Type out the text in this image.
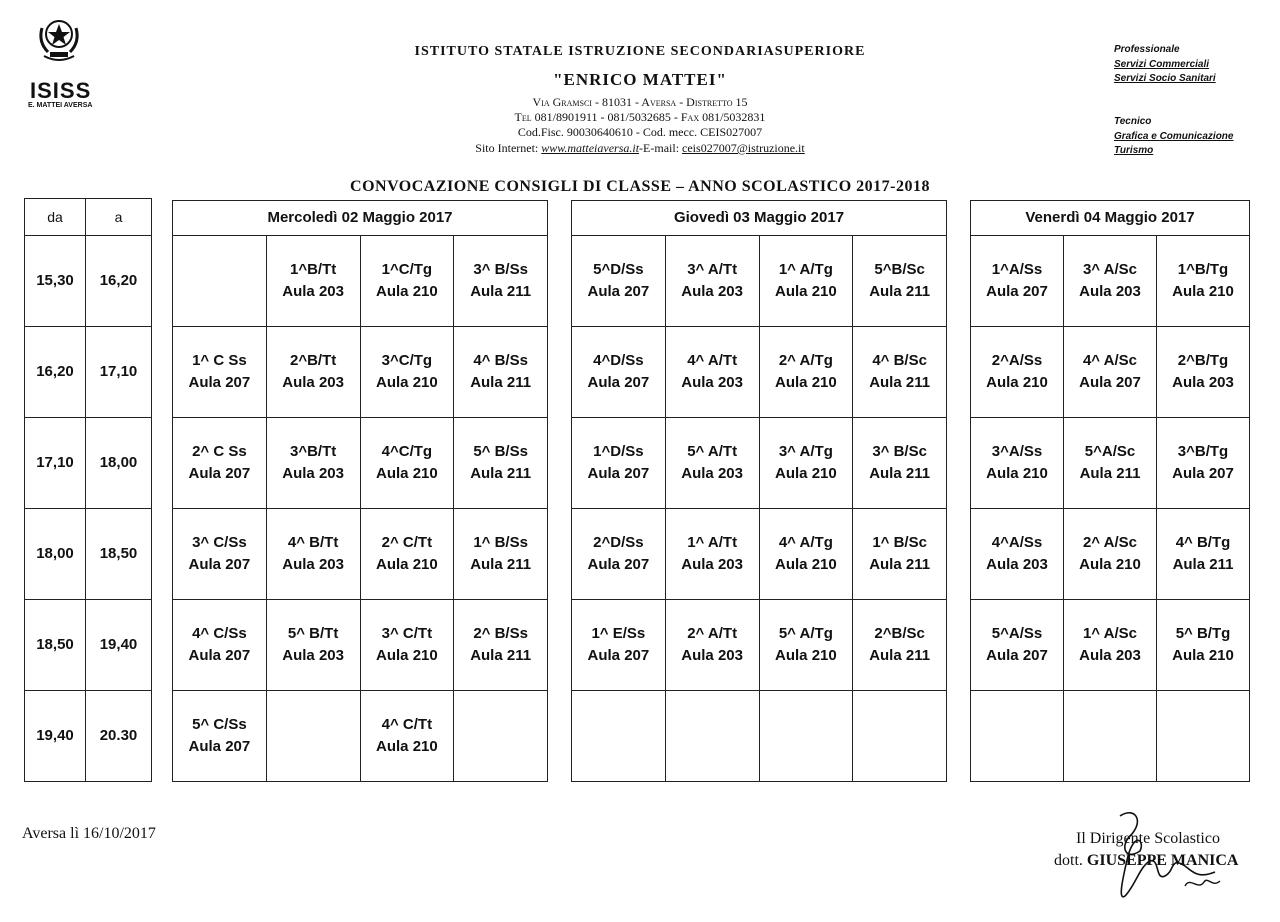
ISISS
E. MATTEI AVERSA
ISTITUTO STATALE ISTRUZIONE SECONDARIASUPERIORE
"ENRICO MATTEI"
Via Gramsci - 81031 - Aversa - Distretto 15
Tel 081/8901911 - 081/5032685 - Fax 081/5032831
Cod.Fisc. 90030640610 - Cod. mecc. CEIS027007
Sito Internet: www.matteiaversa.it-E-mail: ceis027007@istruzione.it
Professionale
Servizi Commerciali
Servizi Socio Sanitari
Tecnico
Grafica e Comunicazione
Turismo
CONVOCAZIONE CONSIGLI DI CLASSE – ANNO SCOLASTICO 2017-2018
da	a
15,30	16,20
16,20	17,10
17,10	18,00
18,00	18,50
18,50	19,40
19,40	20.30
Mercoledì 02 Maggio 2017			

	1^B/Tt
Aula 203	1^C/Tg
Aula 210	3^ B/Ss
Aula 211

1^ C Ss
Aula 207	2^B/Tt
Aula 203	3^C/Tg
Aula 210	4^ B/Ss
Aula 211

2^ C Ss
Aula 207	3^B/Tt
Aula 203	4^C/Tg
Aula 210	5^ B/Ss
Aula 211

3^ C/Ss
Aula 207	4^ B/Tt
Aula 203	2^ C/Tt
Aula 210	1^ B/Ss
Aula 211

4^ C/Ss
Aula 207	5^ B/Tt
Aula 203	3^ C/Tt
Aula 210	2^ B/Ss
Aula 211

5^ C/Ss
Aula 207		4^ C/Tt
Aula 210	

Giovedì 03 Maggio 2017			

5^D/Ss
Aula 207	3^ A/Tt
Aula 203	1^ A/Tg
Aula 210	5^B/Sc
Aula 211

4^D/Ss
Aula 207	4^ A/Tt
Aula 203	2^ A/Tg
Aula 210	4^ B/Sc
Aula 211

1^D/Ss
Aula 207	5^ A/Tt
Aula 203	3^ A/Tg
Aula 210	3^ B/Sc
Aula 211

2^D/Ss
Aula 207	1^ A/Tt
Aula 203	4^ A/Tg
Aula 210	1^ B/Sc
Aula 211

1^ E/Ss
Aula 207	2^ A/Tt
Aula 203	5^ A/Tg
Aula 210	2^B/Sc
Aula 211

Venerdì 04 Maggio 2017		

1^A/Ss
Aula 207	3^ A/Sc
Aula 203	1^B/Tg
Aula 210

2^A/Ss
Aula 210	4^ A/Sc
Aula 207	2^B/Tg
Aula 203

3^A/Ss
Aula 210	5^A/Sc
Aula 211	3^B/Tg
Aula 207

4^A/Ss
Aula 203	2^ A/Sc
Aula 210	4^ B/Tg
Aula 211

5^A/Ss
Aula 207	1^ A/Sc
Aula 203	5^ B/Tg
Aula 210

Aversa lì 16/10/2017	Il Dirigente Scolastico
dott. GIUSEPPE MANICA
